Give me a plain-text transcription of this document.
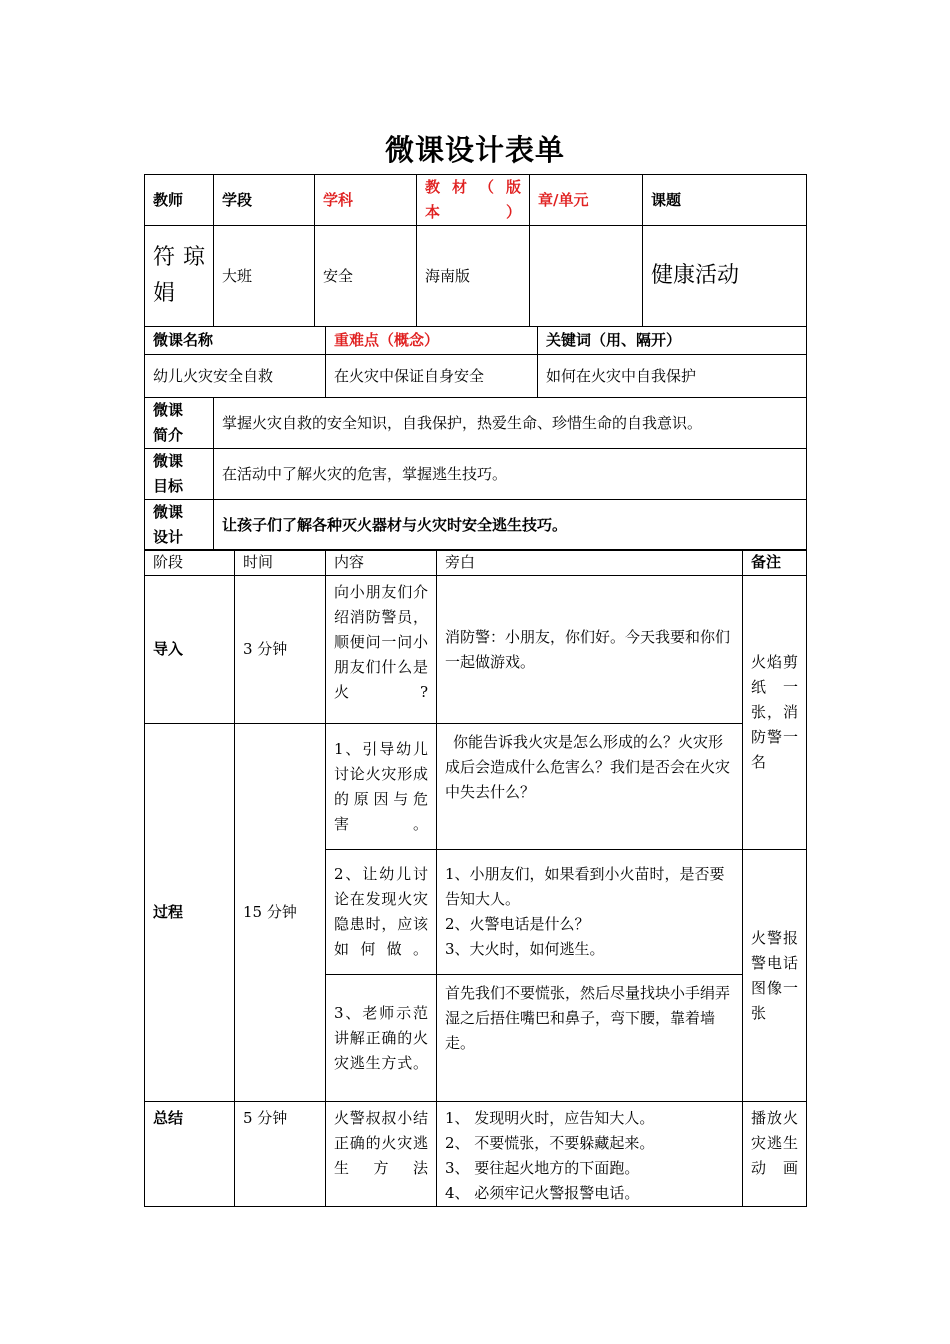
微课设计表单
教师	学段	学科	教 材 （ 版 本）	章/单元	课题
符琼娟	大班	安全	海南版		健康活动
微课名称	重难点（概念）	关键词（用、隔开）
幼儿火灾安全自救	在火灾中保证自身安全	如何在火灾中自我保护
微课简介	掌握火灾自救的安全知识，自我保护，热爱生命、珍惜生命的自我意识。
微课目标	在活动中了解火灾的危害，掌握逃生技巧。
微课设计	让孩子们了解各种灭火器材与火灾时安全逃生技巧。
阶段	时间	内容	旁白	备注
导入	3 分钟	向小朋友们介绍消防警员，顺便问一问小朋友们什么是火?	消防警：小朋友，你们好。今天我要和你们一起做游戏。	火焰剪纸一张，消防警一名
过程	15 分钟	1、引导幼儿讨论火灾形成的原因与危害。	你能告诉我火灾是怎么形成的么？火灾形成后会造成什么危害么？我们是否会在火灾中失去什么？	
		2、让幼儿讨论在发现火灾隐患时，应该如何做。	1、小朋友们，如果看到小火苗时，是否要告知大人。
2、火警电话是什么？
3、大火时，如何逃生。	火警报警电话图像一张
		3、老师示范讲解正确的火灾逃生方式。	首先我们不要慌张，然后尽量找块小手绢弄湿之后捂住嘴巴和鼻子，弯下腰，靠着墙走。	
总结	5 分钟	火警叔叔小结正确的火灾逃生方法	1、 发现明火时，应告知大人。
2、 不要慌张，不要躲藏起来。
3、 要往起火地方的下面跑。
4、 必须牢记火警报警电话。	播放火灾逃生动画
